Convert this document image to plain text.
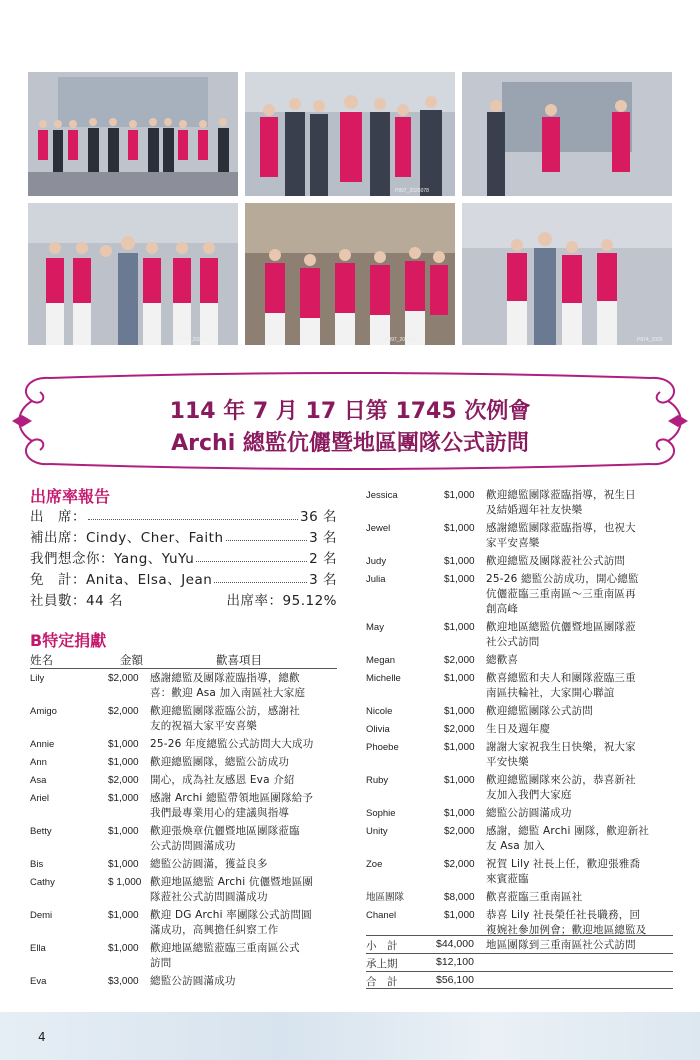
P897_2025078
P807_20250	P897_20250718	P874_2025
114 年 7 月 17 日第 1745 次例會
Archi 總監伉儷暨地區團隊公式訪問
出席率報告
出　席：	36 名
補出席：Cindy、Cher、Faith	3 名
我們想念你：Yang、YuYu	2 名
免　計：Anita、Elsa、Jean	3 名
社員數：44 名	出席率：95.12%
B特定捐獻
姓名	金額	歡喜項目
Lily	$2,000 感謝總監及團隊蒞臨指導，總歡
喜：歡迎 Asa 加入南區社大家庭
Amigo	$2,000 歡迎總監團隊蒞臨公訪，感謝社
友的祝福大家平安喜樂
Annie	$1,000 25-26 年度總監公式訪問大大成功
Ann	$1,000 歡迎總監團隊，總監公訪成功
Asa	$2,000 開心，成為社友感恩 Eva 介紹
Ariel	$1,000 感謝 Archi 總監帶領地區團隊給予
我們最專業用心的建議與指導
Betty	$1,000 歡迎張煥章伉儷暨地區團隊蒞臨
公式訪問圓滿成功
Bis	$1,000 總監公訪圓滿，獲益良多
Cathy	$ 1,000 歡迎地區總監 Archi 伉儷暨地區團
隊蒞社公式訪問圓滿成功
Demi	$1,000 歡迎 DG Archi 率團隊公式訪問圓
滿成功，高興擔任糾察工作
Ella	$1,000 歡迎地區總監蒞臨三重南區公式
訪問
Eva	$3,000 總監公訪圓滿成功
Jessica	$1,000 歡迎總監團隊蒞臨指導，祝生日
及結婚週年社友快樂
Jewel	$1,000 感謝總監團隊蒞臨指導，也祝大
家平安喜樂
Judy	$1,000 歡迎總監及團隊蒞社公式訪問
Julia	$1,000 25-26 總監公訪成功，開心總監
伉儷蒞臨三重南區～三重南區再
創高峰
May	$1,000 歡迎地區總監伉儷暨地區團隊蒞
社公式訪問
Megan	$2,000 總歡喜
Michelle	$1,000 歡喜總監和夫人和團隊蒞臨三重
南區扶輪社，大家開心聯誼
Nicole	$1,000 歡迎總監團隊公式訪問
Olivia	$2,000 生日及週年慶
Phoebe	$1,000 謝謝大家祝我生日快樂，祝大家
平安快樂
Ruby	$1,000 歡迎總監團隊來公訪，恭喜新社
友加入我們大家庭
Sophie	$1,000 總監公訪圓滿成功
Unity	$2,000 感謝，總監 Archi 團隊，歡迎新社
友 Asa 加入
Zoe	$2,000 祝賀 Lily 社長上任，歡迎張雅喬
來賓蒞臨
地區團隊	$8,000 歡喜蒞臨三重南區社
Chanel	$1,000 恭喜 Lily 社長榮任社長職務，回
複婉社參加例會；歡迎地區總監及
地區團隊到三重南區社公式訪問
小　計	$44,000
承上期	$12,100
合　計	$56,100
4
